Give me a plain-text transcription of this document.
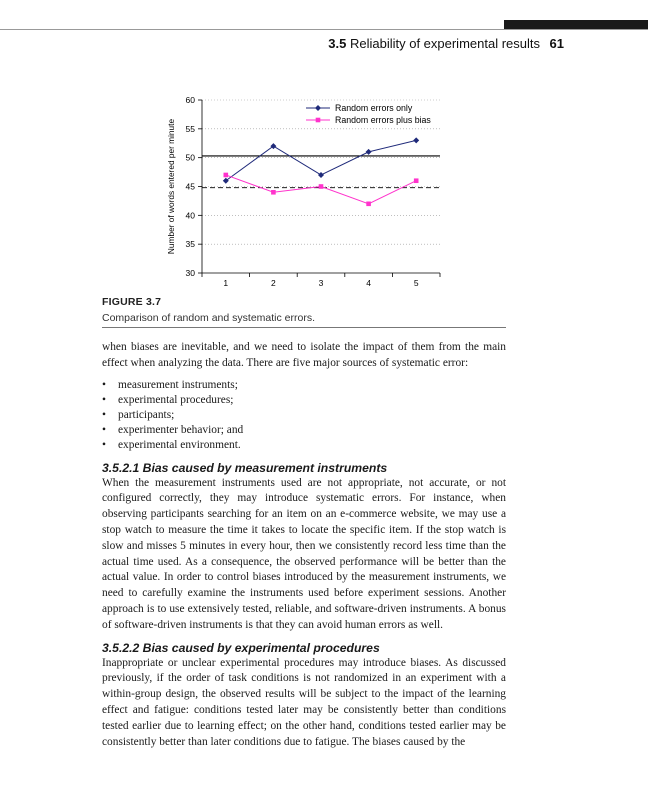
3.5 Reliability of experimental results 61
30
35
40
45
50
55
60
1	2	3	4	5
Number of words entered per minute
Random errors only
Random errors plus bias
FIGURE 3.7
Comparison of random and systematic errors.

when biases are inevitable, and we need to isolate the impact of them from the main effect when analyzing the data. There are five major sources of systematic error:

• measurement instruments;
• experimental procedures;
• participants;
• experimenter behavior; and
• experimental environment.
3.5.2.1 Bias caused by measurement instruments

When the measurement instruments used are not appropriate, not accurate, or not configured correctly, they may introduce systematic errors. For instance, when observing participants searching for an item on an e-commerce website, we may use a stop watch to measure the time it takes to locate the specific item. If the stop watch is slow and misses 5 minutes in every hour, then we consistently record less time than the actual time used. As a consequence, the observed performance will be better than the actual value. In order to control biases introduced by the measurement instruments, we need to carefully examine the instruments used before experiment sessions. Another approach is to use extensively tested, reliable, and software-driven instruments. A bonus of software-driven instruments is that they can avoid human errors as well.

3.5.2.2 Bias caused by experimental procedures

Inappropriate or unclear experimental procedures may introduce biases. As discussed previously, if the order of task conditions is not randomized in an experiment with a within-group design, the observed results will be subject to the impact of the learning effect and fatigue: conditions tested later may be consistently better than conditions tested earlier due to learning effect; on the other hand, conditions tested earlier may be consistently better than later conditions due to fatigue. The biases caused by the
